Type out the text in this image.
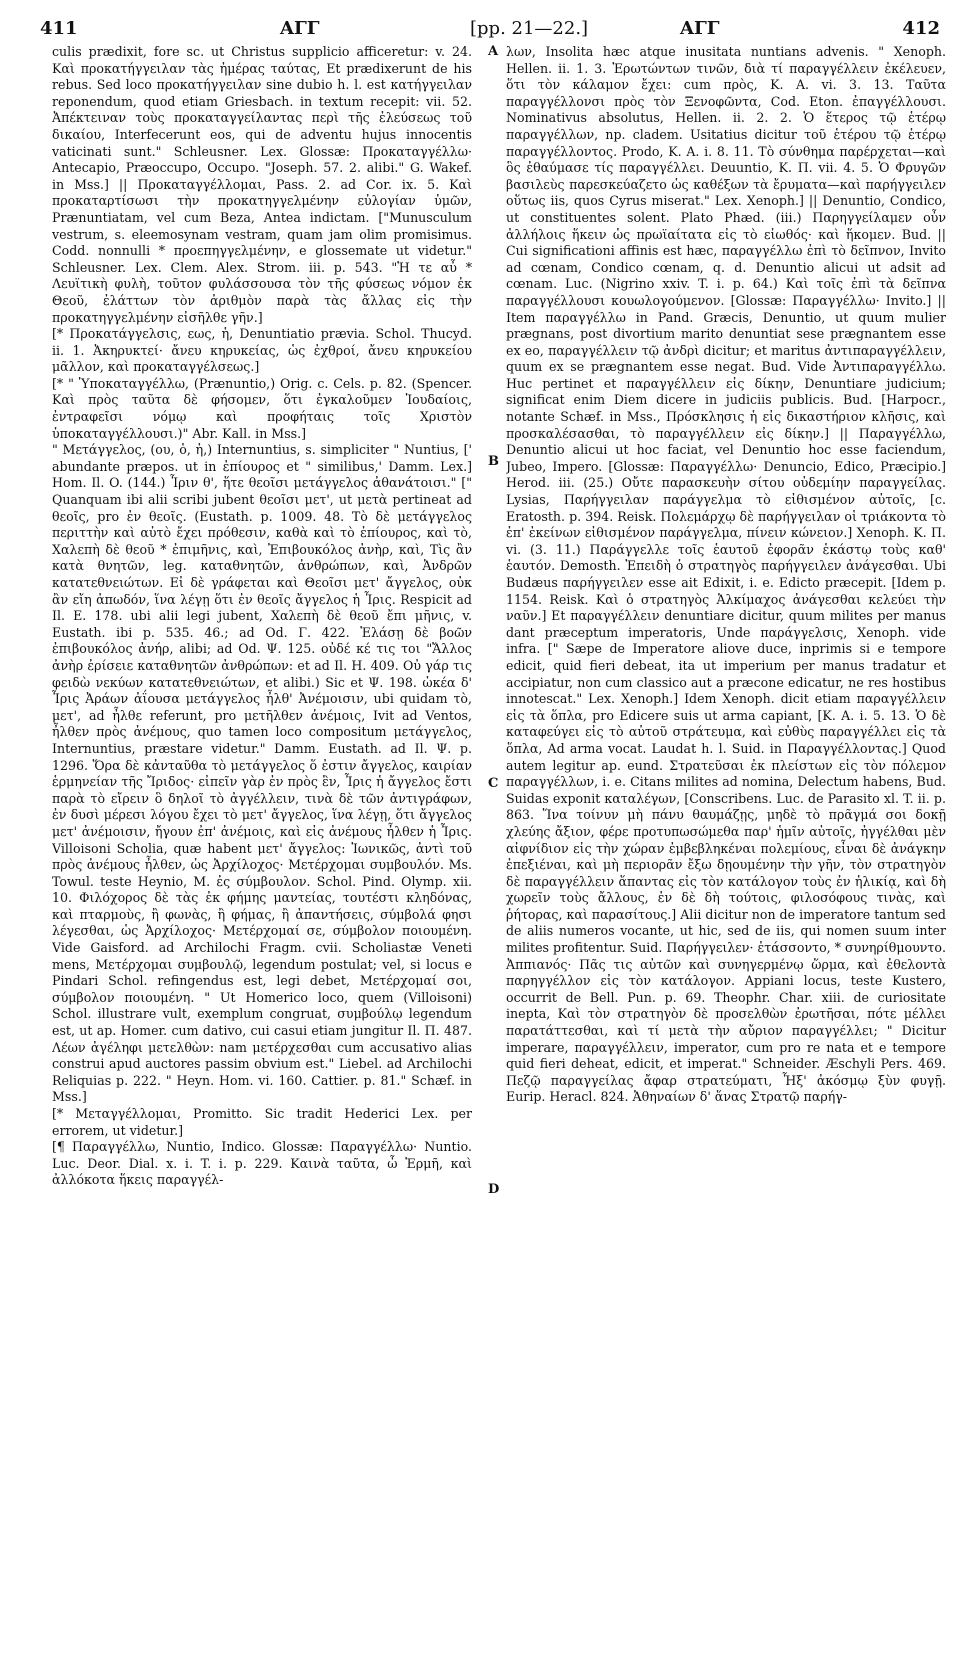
411	ΑΓΓ	[pp. 21—22.]	ΑΓΓ	412
A
B
C
D

culis prædixit, fore sc. ut Christus supplicio afficeretur: v. 24. Καὶ προκατήγγειλαν τὰς ἡμέρας ταύτας, Et prædixerunt de his rebus. Sed loco προκατήγγειλαν sine dubio h. l. est κατήγγειλαν reponendum, quod etiam Griesbach. in textum recepit: vii. 52. Ἀπέκτειναν τοὺς προκαταγγείλαντας περὶ τῆς ἐλεύσεως τοῦ δικαίου, Interfecerunt eos, qui de adventu hujus innocentis vaticinati sunt." Schleusner. Lex. Glossæ: Προκαταγγέλλω· Antecapio, Præoccupo, Occupo. "Joseph. 57. 2. alibi." G. Wakef. in Mss.] || Προκαταγγέλλομαι, Pass. 2. ad Cor. ix. 5. Καὶ προκαταρτίσωσι τὴν προκατηγγελμένην εὐλογίαν ὑμῶν, Prænuntiatam, vel cum Beza, Antea indictam. ["Munusculum vestrum, s. eleemosynam vestram, quam jam olim promisimus. Codd. nonnulli * προεπηγγελμένην, e glossemate ut videtur." Schleusner. Lex. Clem. Alex. Strom. iii. p. 543. "Ἡ τε αὖ * Λευϊτικὴ φυλὴ, τοῦτον φυλάσσουσα τὸν τῆς φύσεως νόμον ἐκ Θεοῦ, ἐλάττων τὸν ἀριθμὸν παρὰ τὰς ἄλλας εἰς τὴν προκατηγγελμένην εἰσῆλθε γῆν.]

[* Προκατάγγελσις, εως, ἡ, Denuntiatio prævia. Schol. Thucyd. ii. 1. Ἀκηρυκτεί· ἄνευ κηρυκείας, ὡς ἐχθροί, ἄνευ κηρυκείου μᾶλλον, καὶ προκαταγγέλσεως.]

[* " Ὑποκαταγγέλλω, (Prænuntio,) Orig. c. Cels. p. 82. (Spencer. Καὶ πρὸς ταῦτα δὲ φήσομεν, ὅτι ἐγκαλοῦμεν Ἰουδαίοις, ἐντραφεῖσι νόμῳ καὶ προφήταις τοῖς Χριστὸν ὑποκαταγγέλλουσι.)" Abr. Kall. in Mss.]

" Μετάγγελος, (ου, ὁ, ἡ,) Internuntius, s. simpliciter " Nuntius, [' abundante præpos. ut in ἐπίουρος et " similibus,' Damm. Lex.] Hom. Il. O. (144.) Ἶριν θ', ἥτε θεοῖσι μετάγγελος ἀθανάτοισι." [" Quanquam ibi alii scribi jubent θεοῖσι μετ', ut μετὰ pertineat ad θεοῖς, pro ἐν θεοῖς. (Eustath. p. 1009. 48. Τὸ δὲ μετάγγελος περιττὴν καὶ αὐτὸ ἔχει πρόθεσιν, καθὰ καὶ τὸ ἐπίουρος, καὶ τὸ, Χαλεπὴ δὲ θεοῦ * ἐπιμῆνις, καὶ, Ἐπιβουκόλος ἀνὴρ, καὶ, Τὶς ἂν κατὰ θνητῶν, leg. καταθνητῶν, ἀνθρώπων, καὶ, Ἀνδρῶν κατατεθνειώτων. Εἰ δὲ γράφεται καὶ Θεοῖσι μετ' ἄγγελος, οὐκ ἂν εἴη ἀπωδόν, ἵνα λέγῃ ὅτι ἐν θεοῖς ἄγγελος ἡ Ἶρις. Respicit ad Il. E. 178. ubi alii legi jubent, Χαλεπὴ δὲ θεοῦ ἔπι μῆνις, v. Eustath. ibi p. 535. 46.; ad Od. Γ. 422. Ἐλάσῃ δὲ βοῶν ἐπιβουκόλος ἀνήρ, alibi; ad Od. Ψ. 125. οὐδέ κέ τις τοι "Ἄλλος ἀνὴρ ἐρίσειε καταθνητῶν ἀνθρώπων: et ad Il. H. 409. Οὐ γάρ τις φειδὼ νεκύων κατατεθνειώτων, et alibi.) Sic et Ψ. 198. ὠκέα δ' Ἶρις Ἀράων ἀΐουσα μετάγγελος ἦλθ' Ἀνέμοισιν, ubi quidam τὸ, μετ', ad ἦλθε referunt, pro μετῆλθεν ἀνέμοις, Ivit ad Ventos, ἦλθεν πρὸς ἀνέμους, quo tamen loco compositum μετάγγελος, Internuntius, præstare videtur." Damm. Eustath. ad Il. Ψ. p. 1296. Ὅρα δὲ κἀνταῦθα τὸ μετάγγελος ὅ ἐστιν ἄγγελος, καιρίαν ἑρμηνείαν τῆς Ἴριδος· εἰπεῖν γὰρ ἐν πρὸς ἓν, Ἶρις ἡ ἄγγελος ἔστι παρὰ τὸ εἴρειν ὃ δηλοῖ τὸ ἀγγέλλειν, τινὰ δὲ τῶν ἀντιγράφων, ἐν δυσὶ μέρεσι λόγου ἔχει τὸ μετ' ἄγγελος, ἵνα λέγῃ, ὅτι ἄγγελος μετ' ἀνέμοισιν, ἤγουν ἐπ' ἀνέμοις, καὶ εἰς ἀνέμους ἦλθεν ἡ Ἶρις. Villoisoni Scholia, quæ habent μετ' ἄγγελος: Ἰωνικῶς, ἀντὶ τοῦ πρὸς ἀνέμους ἦλθεν, ὡς Ἀρχίλοχος· Μετέρχομαι συμβουλόν. Ms. Towul. teste Heynio, M. ἐς σύμβουλον. Schol. Pind. Olymp. xii. 10. Φιλόχορος δὲ τὰς ἐκ φήμης μαντείας, τουτέστι κληδόνας, καὶ πταρμοὺς, ἢ φωνὰς, ἢ φήμας, ἢ ἀπαντήσεις, σύμβολά φησι λέγεσθαι, ὡς Ἀρχίλοχος· Μετέρχομαί σε, σύμβολον ποιουμένη. Vide Gaisford. ad Archilochi Fragm. cvii. Scholiastæ Veneti mens, Μετέρχομαι συμβουλῷ, legendum postulat; vel, si locus e Pindari Schol. refingendus est, legi debet, Μετέρχομαί σοι, σύμβολον ποιουμένη. " Ut Homerico loco, quem (Villoisoni) Schol. illustrare vult, exemplum congruat, συμβούλῳ legendum est, ut ap. Homer. cum dativo, cui casui etiam jungitur Il. Π. 487. Λέων ἀγέληφι μετελθὼν: nam μετέρχεσθαι cum accusativo alias construi apud auctores passim obvium est." Liebel. ad Archilochi Reliquias p. 222. " Heyn. Hom. vi. 160. Cattier. p. 81." Schæf. in Mss.]

[* Μεταγγέλλομαι, Promitto. Sic tradit Hederici Lex. per errorem, ut videtur.]

[¶ Παραγγέλλω, Nuntio, Indico. Glossæ: Παραγγέλλω· Nuntio. Luc. Deor. Dial. x. i. T. i. p. 229. Καινὰ ταῦτα, ὦ Ἑρμῆ, καὶ ἀλλόκοτα ἥκεις παραγγέλ-

λων, Insolita hæc atque inusitata nuntians advenis. " Xenoph. Hellen. ii. 1. 3. Ἐρωτώντων τινῶν, διὰ τί παραγγέλλειν ἐκέλευεν, ὅτι τὸν κάλαμον ἔχει: cum πρὸς, K. A. vi. 3. 13. Ταῦτα παραγγέλλονσι πρὸς τὸν Ξενοφῶντα, Cod. Eton. ἐπαγγέλλουσι. Nominativus absolutus, Hellen. ii. 2. 2. Ὁ ἕτερος τῷ ἑτέρῳ παραγγέλλων, np. cladem. Usitatius dicitur τοῦ ἑτέρου τῷ ἑτέρῳ παραγγέλλοντος. Prodo, K. A. i. 8. 11. Τὸ σύνθημα παρέρχεται—καὶ ὃς ἐθαύμασε τίς παραγγέλλει. Deuuntio, K. Π. vii. 4. 5. Ὁ Φρυγῶν βασιλεὺς παρεσκεύαζετο ὡς καθέξων τὰ ἔρυματα—καὶ παρήγγειλεν οὕτως iis, quos Cyrus miserat." Lex. Xenoph.] || Denuntio, Condico, ut constituentes solent. Plato Phæd. (iii.) Παρηγγείλαμεν οὖν ἀλλήλοις ἥκειν ὡς πρωϊαίτατα εἰς τὸ εἰωθός· καὶ ἥκομεν. Bud. || Cui significationi affinis est hæc, παραγγέλλω ἐπὶ τὸ δεῖπνον, Invito ad cœnam, Condico cœnam, q. d. Denuntio alicui ut adsit ad cœnam. Luc. (Nigrino xxiv. T. i. p. 64.) Καὶ τοῖς ἐπὶ τὰ δεῖπνα παραγγέλλουσι κουωλογούμενον. [Glossæ: Παραγγέλλω· Invito.] || Item παραγγέλλω in Pand. Græcis, Denuntio, ut quum mulier prægnans, post divortium marito denuntiat sese prægnantem esse ex eo, παραγγέλλειν τῷ ἀνδρὶ dicitur; et maritus ἀντιπαραγγέλλειν, quum ex se prægnantem esse negat. Bud. Vide Ἀντιπαραγγέλλω. Huc pertinet et παραγγέλλειν εἰς δίκην, Denuntiare judicium; significat enim Diem dicere in judiciis publicis. Bud. [Harpocr., notante Schæf. in Mss., Πρόσκλησις ἡ εἰς δικαστήριον κλῆσις, καὶ προσκαλέσασθαι, τὸ παραγγέλλειν εἰς δίκην.] || Παραγγέλλω, Denuntio alicui ut hoc faciat, vel Denuntio hoc esse faciendum, Jubeo, Impero. [Glossæ: Παραγγέλλω· Denuncio, Edico, Præcipio.] Herod. iii. (25.) Οὔτε παρασκευὴν σίτου οὐδεμίην παραγγείλας. Lysias, Παρήγγειλαν παράγγελμα τὸ εἰθισμένον αὐτοῖς, [c. Eratosth. p. 394. Reisk. Πολεμάρχῳ δὲ παρήγγειλαν οἱ τριάκοντα τὸ ἐπ' ἐκείνων εἰθισμένον παράγγελμα, πίνειν κώνειον.] Xenoph. K. Π. vi. (3. 11.) Παράγγελλε τοῖς ἑαυτοῦ ἐφορᾶν ἑκάστῳ τοὺς καθ' ἑαυτόν. Demosth. Ἐπειδὴ ὁ στρατηγὸς παρήγγειλεν ἀνάγεσθαι. Ubi Budæus παρήγγειλεν esse ait Edixit, i. e. Edicto præcepit. [Idem p. 1154. Reisk. Καὶ ὁ στρατηγὸς Ἀλκίμαχος ἀνάγεσθαι κελεύει τὴν ναῦν.] Et παραγγέλλειν denuntiare dicitur, quum milites per manus dant præceptum imperatoris, Unde παράγγελσις, Xenoph. vide infra. [" Sæpe de Imperatore aliove duce, inprimis si e tempore edicit, quid fieri debeat, ita ut imperium per manus tradatur et accipiatur, non cum classico aut a præcone edicatur, ne res hostibus innotescat." Lex. Xenoph.] Idem Xenoph. dicit etiam παραγγέλλειν εἰς τὰ ὅπλα, pro Edicere suis ut arma capiant, [K. A. i. 5. 13. Ὁ δὲ καταφεύγει εἰς τὸ αὐτοῦ στράτευμα, καὶ εὐθὺς παραγγέλλει εἰς τὰ ὅπλα, Ad arma vocat. Laudat h. l. Suid. in Παραγγέλλοντας.] Quod autem legitur ap. eund. Στρατεῦσαι ἐκ πλείστων εἰς τὸν πόλεμον παραγγέλλων, i. e. Citans milites ad nomina, Delectum habens, Bud. Suidas exponit καταλέγων, [Conscribens. Luc. de Parasito xl. T. ii. p. 863. Ἵνα τοίνυν μὴ πάνυ θαυμάζῃς, μηδὲ τὸ πρᾶγμά σοι δοκῇ χλεύης ἄξιον, φέρε προτυπωσώμεθα παρ' ἡμῖν αὐτοῖς, ἠγγέλθαι μὲν αἰφνίδιον εἰς τὴν χώραν ἐμβεβληκέναι πολεμίους, εἶναι δὲ ἀνάγκην ἐπεξιέναι, καὶ μὴ περιορᾶν ἔξω δῃουμένην τὴν γῆν, τὸν στρατηγὸν δὲ παραγγέλλειν ἅπαντας εἰς τὸν κατάλογον τοὺς ἐν ἡλικίᾳ, καὶ δὴ χωρεῖν τοὺς ἄλλους, ἐν δὲ δὴ τούτοις, φιλοσόφους τινὰς, καὶ ῥήτορας, καὶ παρασίτους.] Alii dicitur non de imperatore tantum sed de aliis numeros vocante, ut hic, sed de iis, qui nomen suum inter milites profitentur. Suid. Παρήγγειλεν· ἐτάσσοντο, * συνηρίθμουντο. Ἀππιανός· Πᾶς τις αὐτῶν καὶ συνηγερμένῳ ὥρμα, καὶ ἐθελοντὰ παρηγγέλλον εἰς τὸν κατάλογον. Appiani locus, teste Kustero, occurrit de Bell. Pun. p. 69. Theophr. Char. xiii. de curiositate inepta, Καὶ τὸν στρατηγὸν δὲ προσελθὼν ἐρωτῆσαι, πότε μέλλει παρατάττεσθαι, καὶ τί μετὰ τὴν αὔριον παραγγέλλει; " Dicitur imperare, παραγγέλλειν, imperator, cum pro re nata et e tempore quid fieri deheat, edicit, et imperat." Schneider. Æschyli Pers. 469. Πεζῷ παραγγείλας ἄφαρ στρατεύματι, Ἧξ' ἀκόσμῳ ξὺν φυγῇ. Eurip. Heracl. 824. Ἀθηναίων δ' ἅνας Στρατῷ παρήγ-
